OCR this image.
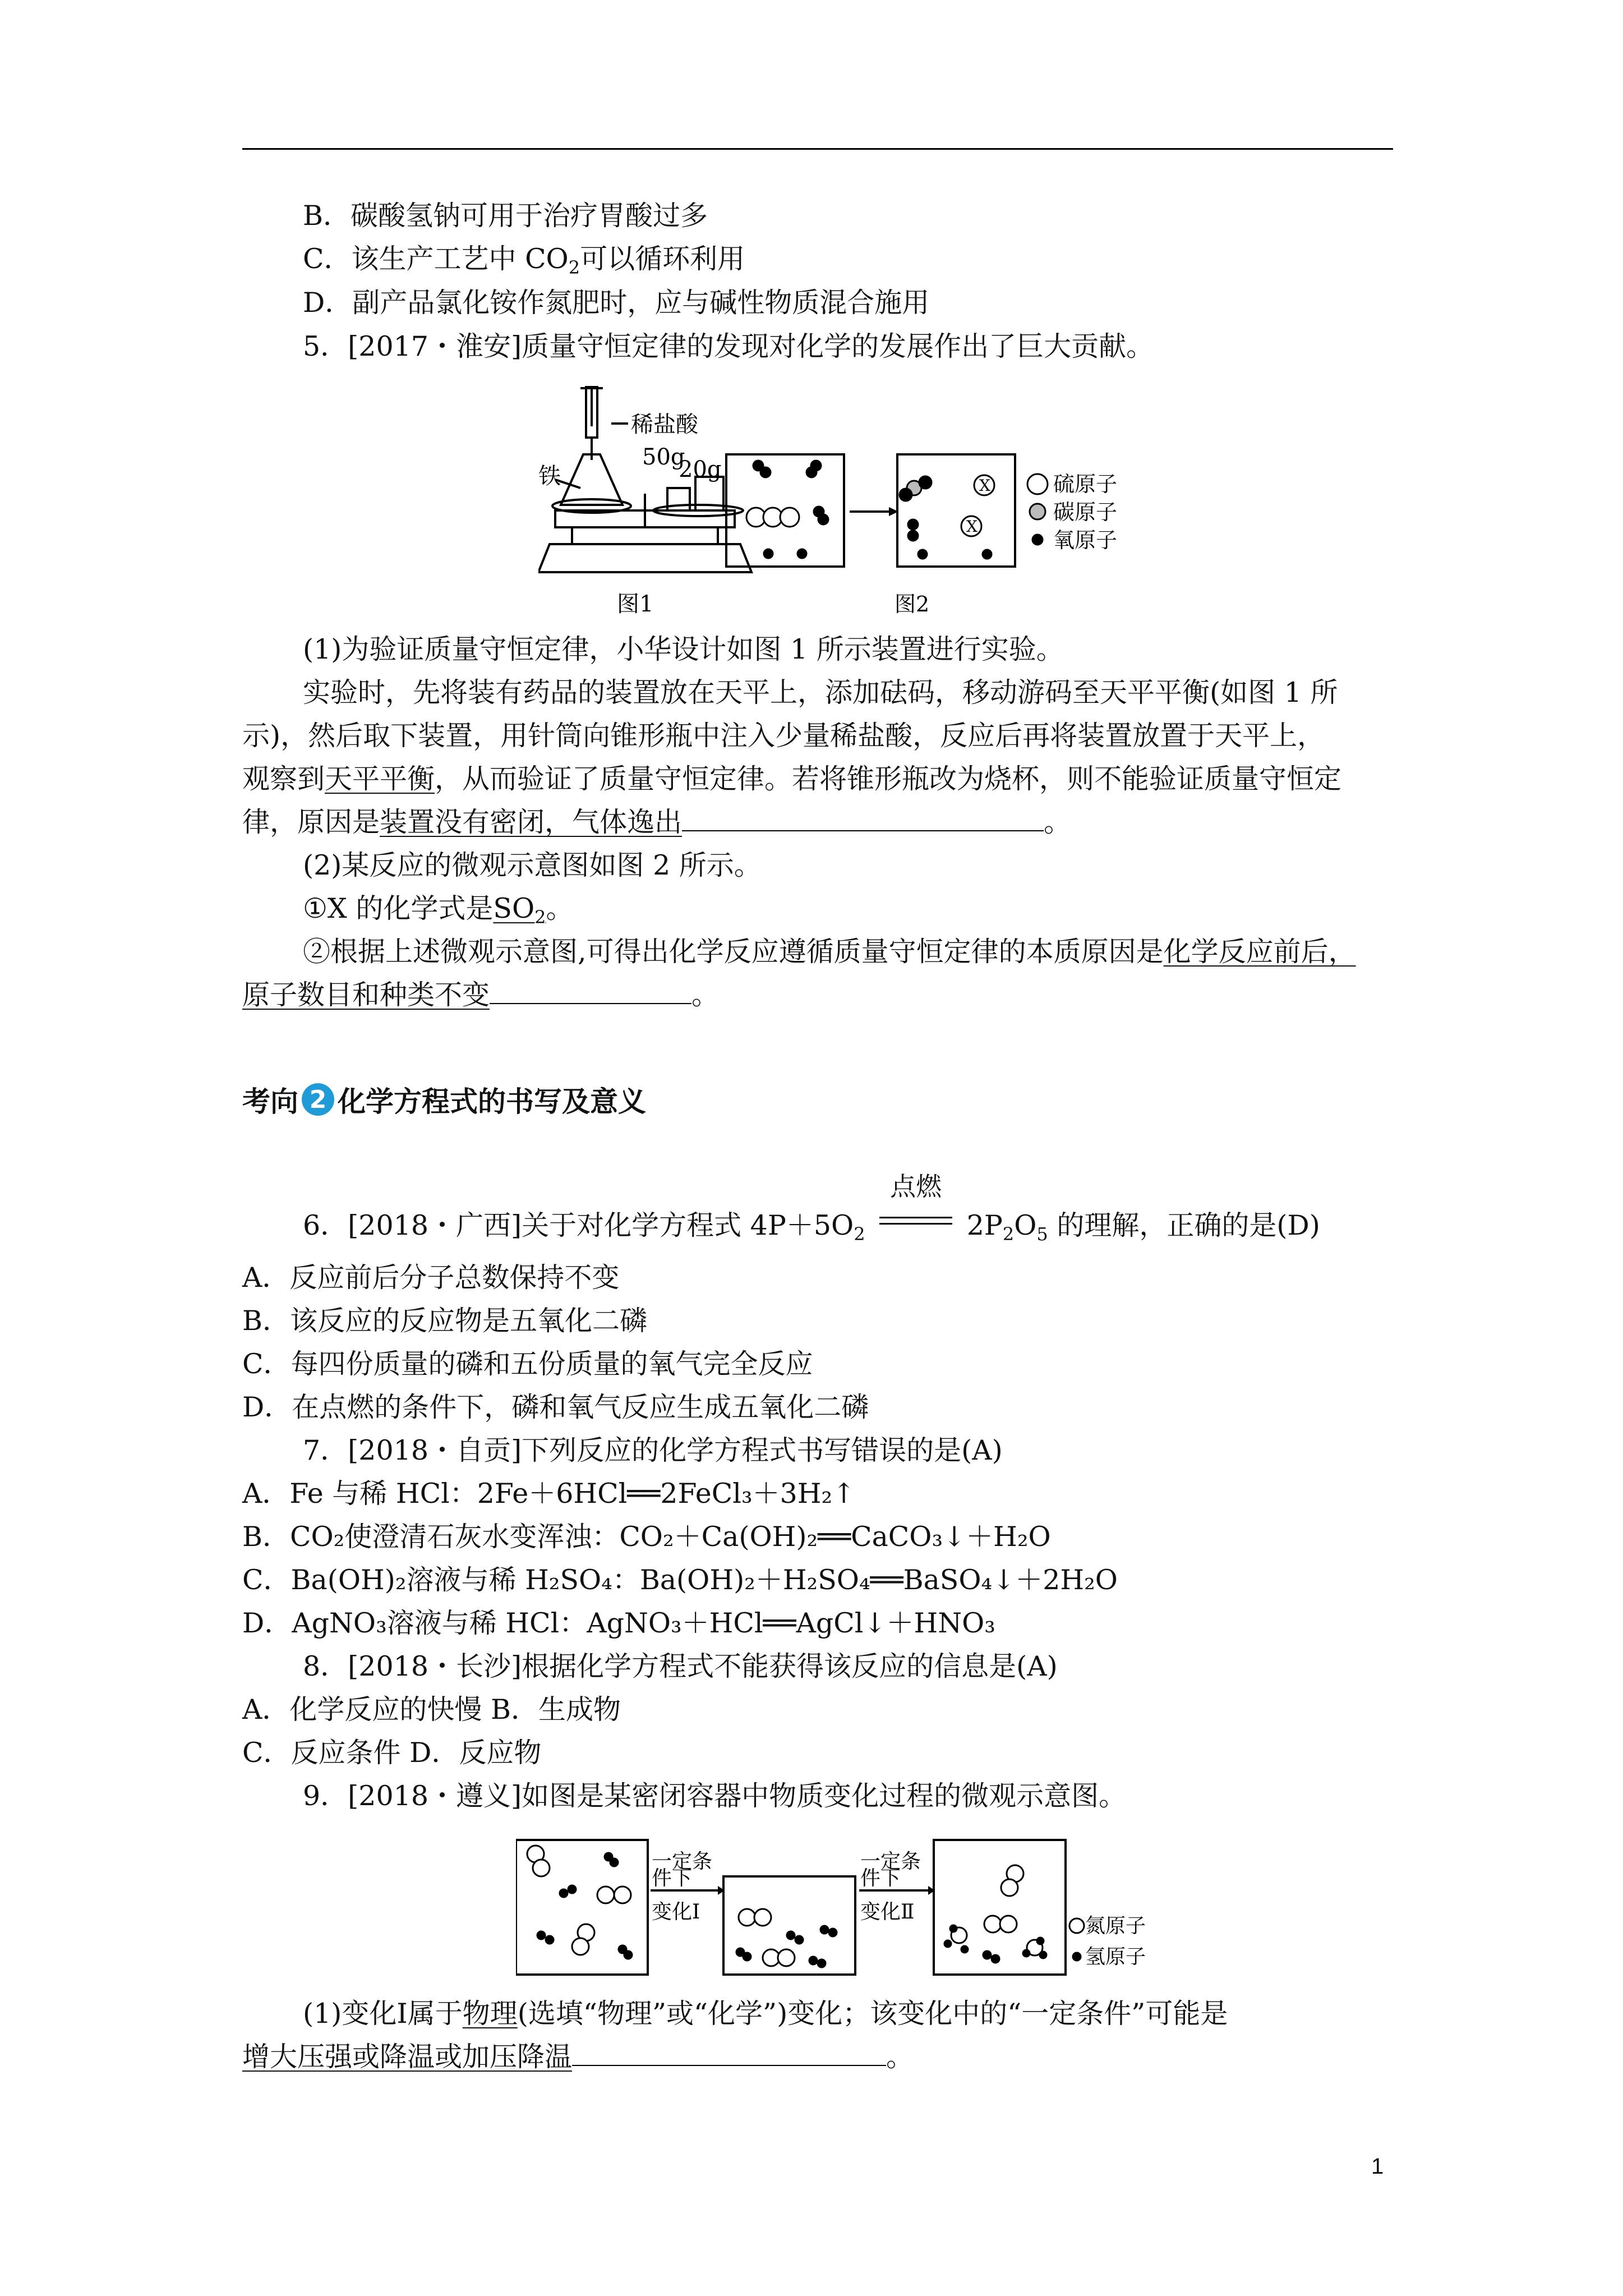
B．碳酸氢钠可用于治疗胃酸过多
C．该生产工艺中 $CO_2$可以循环利用
D．副产品氯化铵作氮肥时，应与碱性物质混合施用
5．[2017・淮安]质量守恒定律的发现对化学的发展作出了巨大贡献。
稀盐酸
50g
20g
铁
图1
X
X
硫原子
碳原子
氧原子
图2
(1)为验证质量守恒定律，小华设计如图 1 所示装置进行实验。
实验时，先将装有药品的装置放在天平上，添加砝码，移动游码至天平平衡(如图 1 所
示)，然后取下装置，用针筒向锥形瓶中注入少量稀盐酸，反应后再将装置放置于天平上，
观察到天平平衡，从而验证了质量守恒定律。若将锥形瓶改为烧杯，则不能验证质量守恒定
律，原因是装置没有密闭，气体逸出	。
(2)某反应的微观示意图如图 2 所示。
①X 的化学式是$SO_2$。
②根据上述微观示意图,可得出化学反应遵循质量守恒定律的本质原因是化学反应前后，
原子数目和种类不变	。
考向 2 化学方程式的书写及意义
6．[2018・广西]关于对化学方程式 $4P+5O_2$
点燃
$2P_2O_5$ 的理解，正确的是(D)
A．反应前后分子总数保持不变
B．该反应的反应物是五氧化二磷
C．每四份质量的磷和五份质量的氧气完全反应
D．在点燃的条件下，磷和氧气反应生成五氧化二磷
7．[2018・自贡]下列反应的化学方程式书写错误的是(A)
A．Fe 与稀 HCl：2Fe＋6HCl══2FeCl₃＋3H₂↑
B．CO₂使澄清石灰水变浑浊：CO₂＋Ca(OH)₂══CaCO₃↓＋H₂O
C．Ba(OH)₂溶液与稀 H₂SO₄：Ba(OH)₂＋H₂SO₄══BaSO₄↓＋2H₂O
D．AgNO₃溶液与稀 HCl：AgNO₃＋HCl══AgCl↓＋HNO₃
8．[2018・长沙]根据化学方程式不能获得该反应的信息是(A)
A．化学反应的快慢 B．生成物
C．反应条件 D．反应物
9．[2018・遵义]如图是某密闭容器中物质变化过程的微观示意图。
一定条
件下
变化Ⅰ
一定条
件下
变化Ⅱ
氮原子
氢原子
(1)变化Ⅰ属于物理(选填“物理”或“化学”)变化；该变化中的“一定条件”可能是
增大压强或降温或加压降温	。
1
